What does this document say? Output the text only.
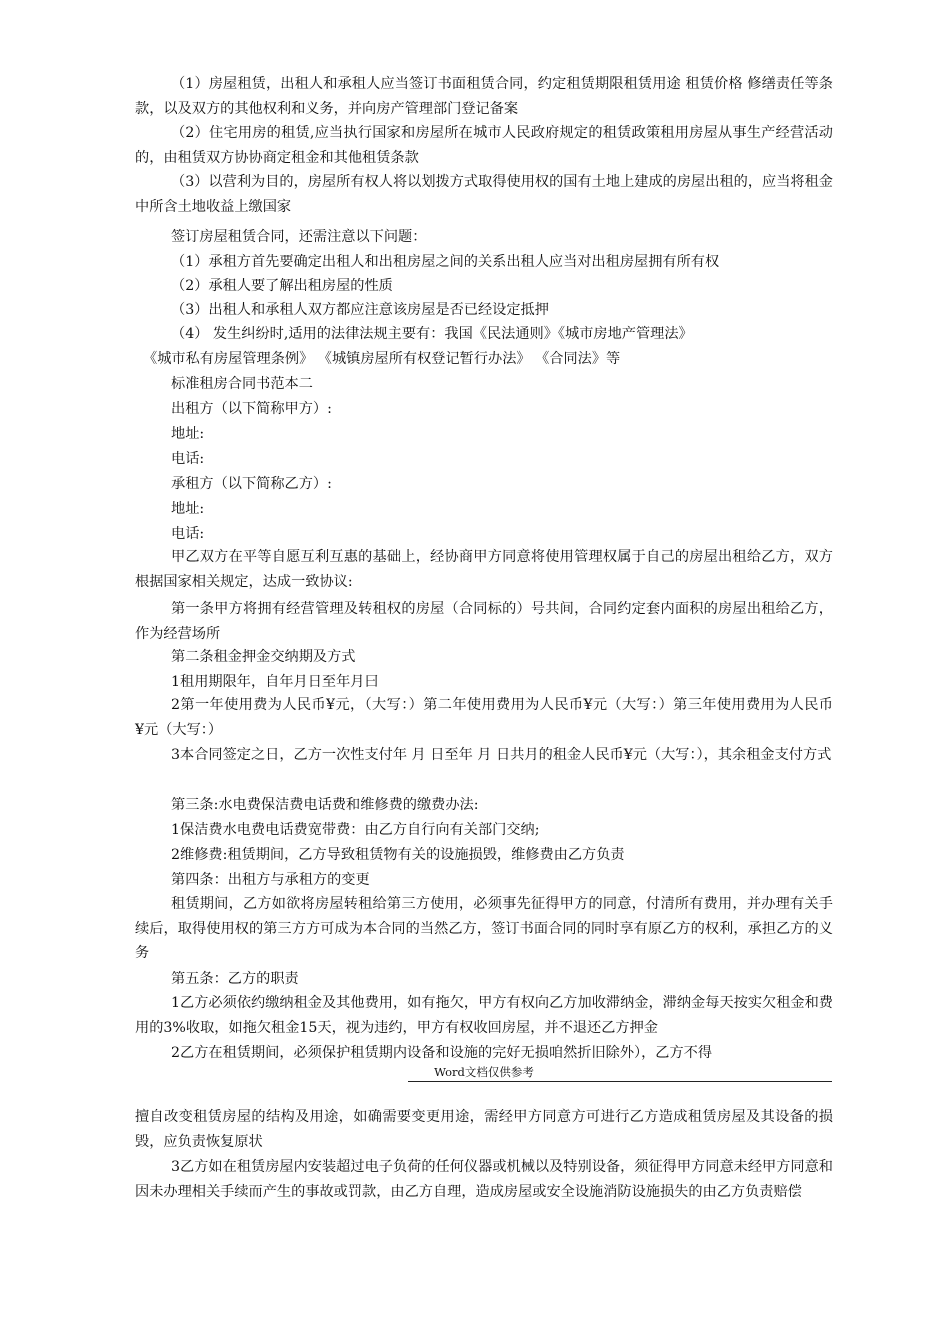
（1）房屋租赁，出租人和承租人应当签订书面租赁合同，约定租赁期限租赁用途 租赁价格 修缮责任等条款，以及双方的其他权利和义务，并向房产管理部门登记备案

（2）住宅用房的租赁,应当执行国家和房屋所在城市人民政府规定的租赁政策租用房屋从事生产经营活动的，由租赁双方协协商定租金和其他租赁条款

（3）以营利为目的，房屋所有权人将以划拨方式取得使用权的国有土地上建成的房屋出租的，应当将租金中所含土地收益上缴国家

签订房屋租赁合同，还需注意以下问题：

（1）承租方首先要确定出租人和出租房屋之间的关系出租人应当对出租房屋拥有所有权

（2）承租人要了解出租房屋的性质

（3）出租人和承租人双方都应注意该房屋是否已经设定抵押

（4） 发生纠纷时,适用的法律法规主要有：我国《民法通则》《城市房地产管理法》

《城市私有房屋管理条例》 《城镇房屋所有权登记暂行办法》 《合同法》等

标准租房合同书范本二

出租方（以下简称甲方）:

地址:

电话:

承租方（以下简称乙方）:

地址:

电话:

甲乙双方在平等自愿互利互惠的基础上，经协商甲方同意将使用管理权属于自己的房屋出租给乙方，双方根据国家相关规定，达成一致协议:

第一条甲方将拥有经营管理及转租权的房屋（合同标的）号共间，合同约定套内面积的房屋出租给乙方，作为经营场所

第二条租金押金交纳期及方式

1租用期限年，自年月日至年月曰

2第一年使用费为人民币¥元，（大写：）第二年使用费用为人民币¥元（大写：）第三年使用费用为人民币¥元（大写：）

3本合同签定之日，乙方一次性支付年 月 日至年 月 日共月的租金人民币¥元（大写：），其余租金支付方式

第三条:水电费保洁费电话费和维修费的缴费办法:

1保洁费水电费电话费宽带费：由乙方自行向有关部门交纳;

2维修费:租赁期间，乙方导致租赁物有关的设施损毁，维修费由乙方负责

第四条：出租方与承租方的变更

租赁期间，乙方如欲将房屋转租给第三方使用，必须事先征得甲方的同意，付清所有费用，并办理有关手续后，取得使用权的第三方方可成为本合同的当然乙方，签订书面合同的同时享有原乙方的权利，承担乙方的义务

第五条：乙方的职责

1乙方必须依约缴纳租金及其他费用，如有拖欠，甲方有权向乙方加收滞纳金，滞纳金每天按实欠租金和费用的3%收取，如拖欠租金15天，视为违约，甲方有权收回房屋，并不退还乙方押金

2乙方在租赁期间，必须保护租赁期内设备和设施的完好无损咱然折旧除外），乙方不得

Word文档仅供参考

擅自改变租赁房屋的结构及用途，如确需要变更用途，需经甲方同意方可进行乙方造成租赁房屋及其设备的损毁，应负责恢复原状

3乙方如在租赁房屋内安装超过电子负荷的任何仪器或机械以及特别设备，须征得甲方同意未经甲方同意和因未办理相关手续而产生的事故或罚款，由乙方自理，造成房屋或安全设施消防设施损失的由乙方负责赔偿
